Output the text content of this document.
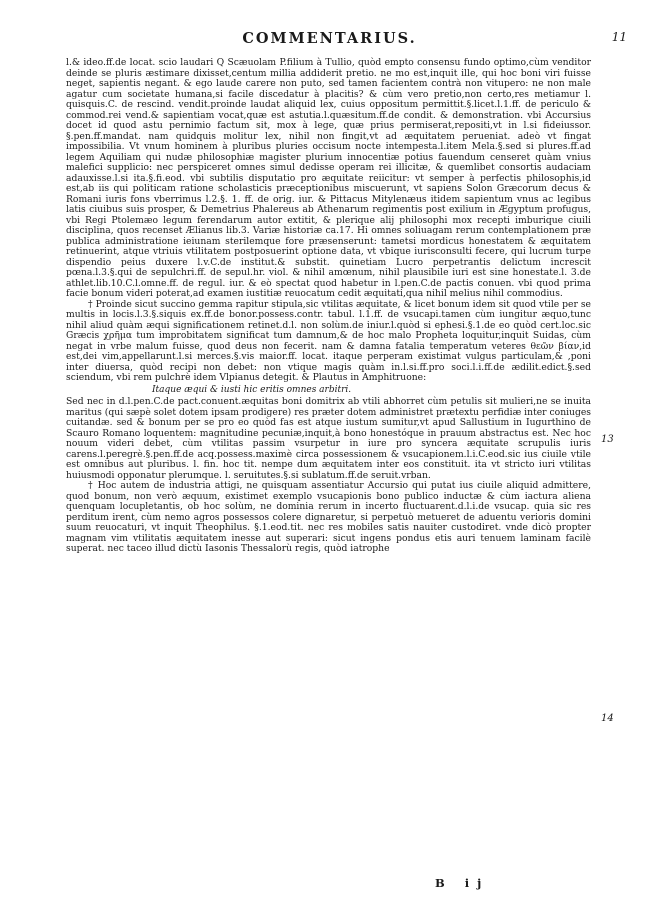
COMMENTARIUS.	11
13
14

l.& ideo.ff.de locat. scio laudari Q Scæuolam P.filium à Tullio, quòd empto consensu fundo optimo,cùm venditor deinde se pluris æstimare dixisset,centum millia addiderit pretio. ne mo est,inquit ille, qui hoc boni viri fuisse neget, sapientis negant. & ego laude carere non puto, sed tamen facientem contrà non vitupero: ne non male agatur cum societate humana,si facile discedatur à placitis? & cùm vero pretio,non certo,res metiamur l. quisquis.C. de rescind. vendit.proinde laudat aliquid lex, cuius oppositum permittit.§.licet.l.1.ff. de periculo & commod.rei vend.& sapientiam vocat,quæ est astutia.l.quæsitum.ff.de condit. & demonstration. vbi Accursius docet id quod astu pernimio factum sit, mox à lege, quæ prius permiserat,repositi,vt in l.si fideiussor. §.pen.ff.mandat. nam quidquis molitur lex, nihil non fingit,vt ad æquitatem perueniat. adeò vt fingat impossibilia. Vt vnum hominem à pluribus pluries occisum nocte intempesta.l.item Mela.§.sed si plures.ff.ad legem Aquiliam qui nudæ philosophiæ magister plurium innocentiæ potius fauendum censeret quàm vnius malefici supplicio: nec perspiceret omnes simul dedisse operam rei illicitæ, & quemlibet consortis audaciam adauxisse.l.si ita.§.fi.eod. vbi subtilis disputatio pro æquitate reiicitur: vt semper à perfectis philosophis,id est,ab iis qui politicam ratione scholasticis præceptionibus miscuerunt, vt sapiens Solon Græcorum decus & Romani iuris fons vberrimus l.2.§. 1. ff. de orig. iur. & Pittacus Mitylenæus itidem sapientum vnus ac legibus latis ciuibus suis prosper, & Demetrius Phalereus ab Athenarum regimentis post exilium in Ægyptum profugus, vbi Regi Ptolemæo legum ferendarum autor extitit, & plerique alij philosophi mox recepti imburique ciuili disciplina, quos recenset Ælianus lib.3. Variæ historiæ ca.17. Hi omnes soliuagam rerum contemplationem præ publica administratione ieiunam sterilemque fore præsenserunt: tametsi mordicus honestatem & æquitatem retinuerint, atque vtriuis vtilitatem postposuerint optione data, vt vbique iurisconsulti fecere, qui lucrum turpe dispendio peius duxere l.v.C.de institut.& substit. quinetiam Lucro perpetrantis delictum increscit pœna.l.3.§.qui de sepulchri.ff. de sepul.hr. viol. & nihil amœnum, nihil plausibile iuri est sine honestate.l. 3.de athlet.lib.10.C.l.omne.ff. de regul. iur. & eò spectat quod habetur in l.pen.C.de pactis conuen. vbi quod prima facie bonum videri poterat,ad examen iustitiæ reuocatum cedit æquitati,qua nihil melius nihil commodius.

† Proinde sicut succino gemma rapitur stipula,sic vtilitas æquitate, & licet bonum idem sit quod vtile per se multis in locis.l.3.§.siquis ex.ff.de bonor.possess.contr. tabul. l.1.ff. de vsucapi.tamen cùm iungitur æquo,tunc nihil aliud quàm æqui significationem retinet.d.l. non solùm.de iniur.l.quòd si ephesi.§.1.de eo quòd cert.loc.sic Græcis χρῆμα tum improbitatem significat tum damnum,& de hoc malo Propheta loquitur,inquit Suidas, cùm negat in vrbe malum fuisse, quod deus non fecerit. nam & damna fatalia temperatum veteres θεῶν βίαν,id est,dei vim,appellarunt.l.si merces.§.vis maior.ff. locat. itaque perperam existimat vulgus particulam,& ,poni inter diuersa, quòd recipi non debet: non vtique magis quàm in.l.si.ff.pro soci.l.i.ff.de ædilit.edict.§.sed sciendum, vbi rem pulchrè idem Vlpianus detegit. & Plautus in Amphitruone:

Itaque æqui & iusti hic eritis omnes arbitri.

Sed nec in d.l.pen.C.de pact.conuent.æquitas boni domitrix ab vtili abhorret cùm petulis sit mulieri,ne se inuita maritus (qui sæpè solet dotem ipsam prodigere) res præter dotem administret prætextu perfidiæ inter coniuges cuitandæ. sed & bonum per se pro eo quòd fas est atque iustum sumitur,vt apud Sallustium in Iugurthino de Scauro Romano loquentem: magnitudine pecuniæ,inquit,à bono honestóque in prauum abstractus est. Nec hoc nouum videri debet, cùm vtilitas passim vsurpetur in iure pro syncera æquitate scrupulis iuris carens.l.peregrè.§.pen.ff.de acq.possess.maximè circa possessionem & vsucapionem.l.i.C.eod.sic ius ciuile vtile est omnibus aut pluribus. l. fin. hoc tit. nempe dum æquitatem inter eos constituit. ita vt stricto iuri vtilitas huiusmodi opponatur plerumque. l. seruitutes.§.si sublatum.ff.de seruit.vrban.

† Hoc autem de industria attigi, ne quisquam assentiatur Accursio qui putat ius ciuile aliquid admittere, quod bonum, non verò æquum, existimet exemplo vsucapionis bono publico inductæ & cùm iactura aliena quenquam locupletantis, ob hoc solùm, ne dominia rerum in incerto fluctuarent.d.l.i.de vsucap. quia sic res perditum irent, cùm nemo agros possessos colere dignaretur, si perpetuò metueret de aduentu verioris domini suum reuocaturi, vt inquit Theophilus. §.1.eod.tit. nec res mobiles satis nauiter custodiret. vnde dicò propter magnam vim vtilitatis æquitatem inesse aut superari: sicut ingens pondus etis auri tenuem laminam facilè superat. nec taceo illud dictù Iasonis Thessalorù regis, quòd iatrophe

B ij
